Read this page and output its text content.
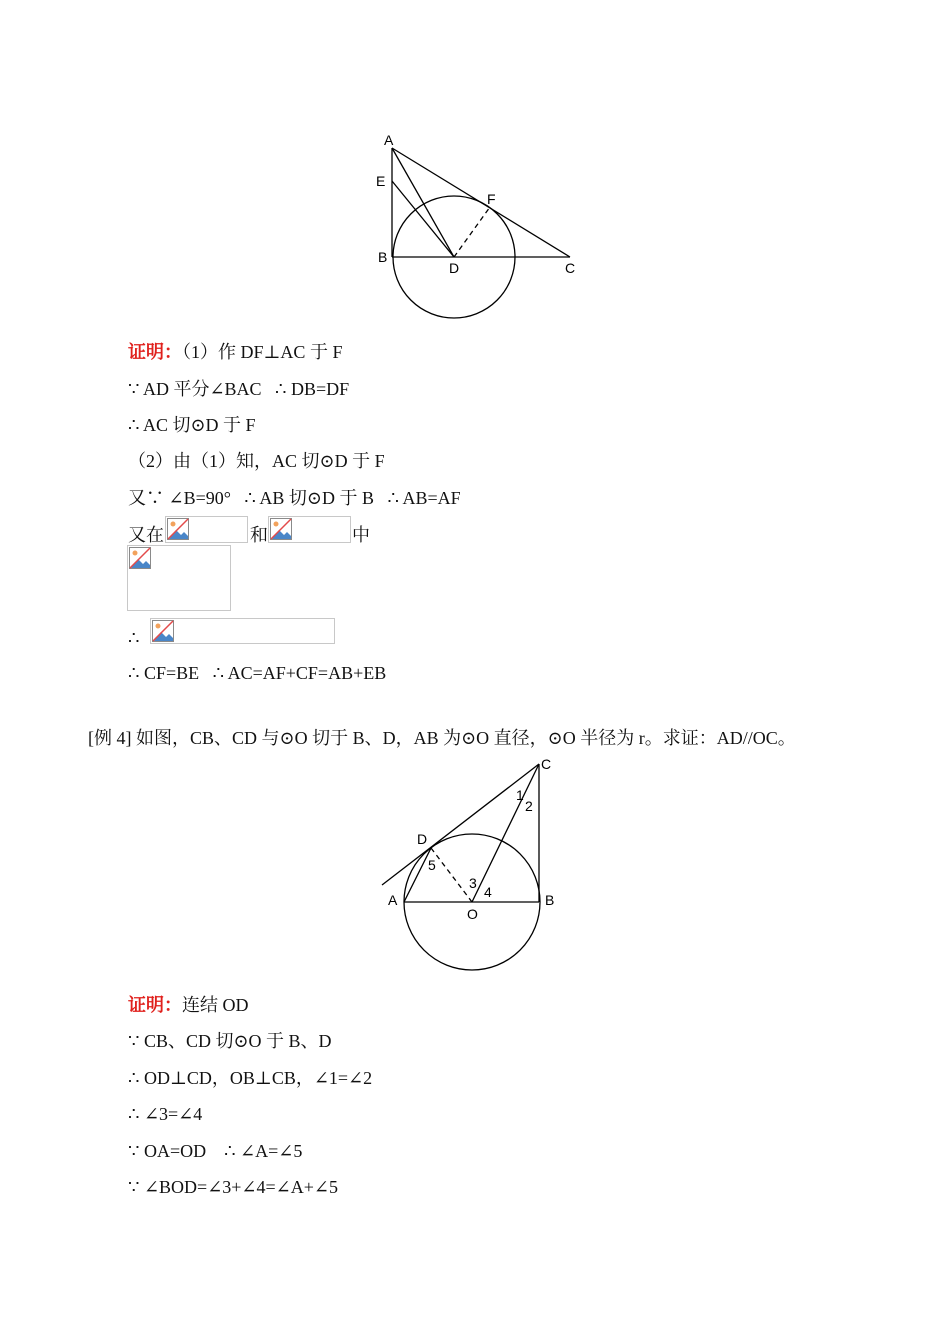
A
E
F
B
D	C
证明：（1）作 DF⊥AC 于 F
∵ AD 平分∠BAC   ∴ DB=DF
∴ AC 切⊙D 于 F
（2）由（1）知，AC 切⊙D 于 F
又∵ ∠B=90°   ∴ AB 切⊙D 于 B   ∴ AB=AF
又在	和	中
∴
∴ CF=BE   ∴ AC=AF+CF=AB+EB
[例 4] 如图，CB、CD 与⊙O 切于 B、D，AB 为⊙O 直径，⊙O 半径为 r。求证：AD//OC。
C
D
A
O
B
1
2
3
4
5
证明：连结 OD
∵ CB、CD 切⊙O 于 B、D
∴ OD⊥CD，OB⊥CB，∠1=∠2
∴ ∠3=∠4
∵ OA=OD    ∴ ∠A=∠5
∵ ∠BOD=∠3+∠4=∠A+∠5
